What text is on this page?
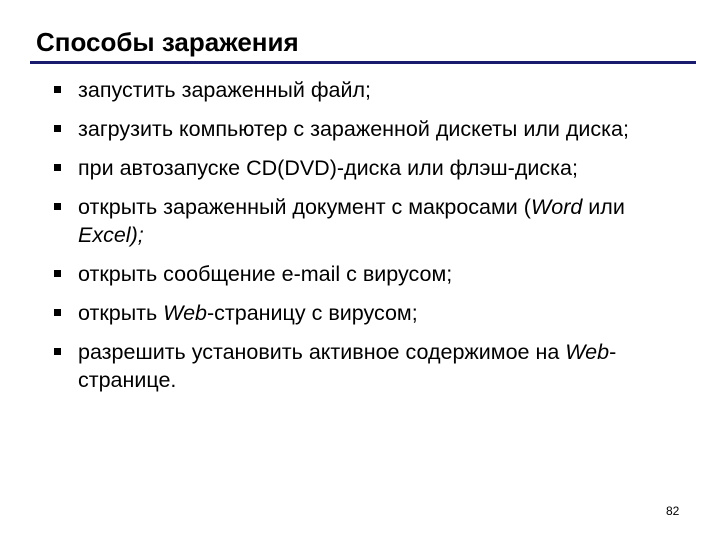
Способы заражения
запустить зараженный файл;
загрузить компьютер с зараженной дискеты или диска;
при автозапуске CD(DVD)-диска или флэш-диска;
открыть зараженный документ с макросами (Word или Excel);
открыть сообщение e-mail с вирусом;
открыть Web-страницу с вирусом;
разрешить установить активное содержимое на Web-странице.
82
